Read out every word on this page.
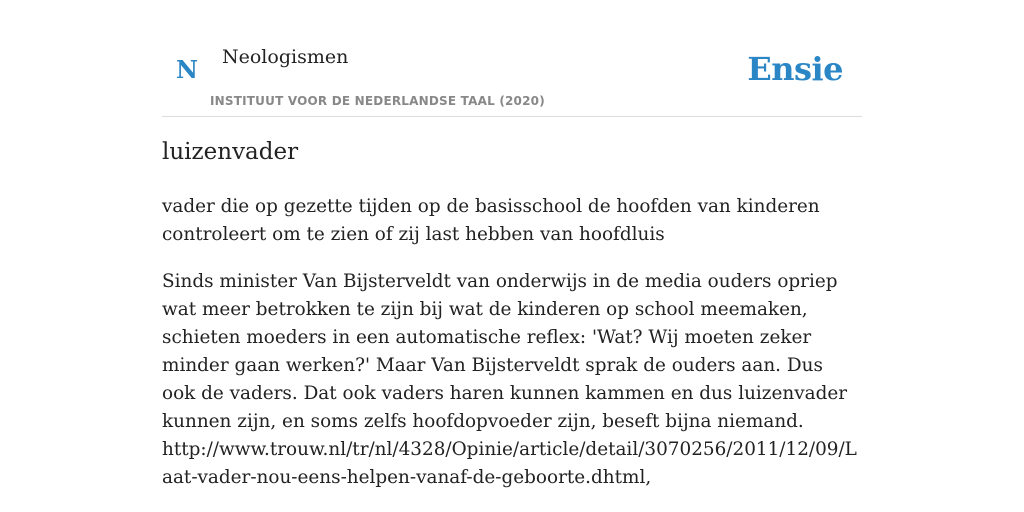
N Neologismen
INSTITUUT VOOR DE NEDERLANDSE TAAL (2020)
Ensie
luizenvader

vader die op gezette tijden op de basisschool de hoofden van kinderen controleert om te zien of zij last hebben van hoofdluis

Sinds minister Van Bijsterveldt van onderwijs in de media ouders opriep wat meer betrokken te zijn bij wat de kinderen op school meemaken, schieten moeders in een automatische reflex: 'Wat? Wij moeten zeker minder gaan werken?' Maar Van Bijsterveldt sprak de ouders aan. Dus ook de vaders. Dat ook vaders haren kunnen kammen en dus luizenvader kunnen zijn, en soms zelfs hoofdopvoeder zijn, beseft bijna niemand.
http://www.trouw.nl/tr/nl/4328/Opinie/article/detail/3070256/2011/12/09/Laat-vader-nou-eens-helpen-vanaf-de-geboorte.dhtml,
